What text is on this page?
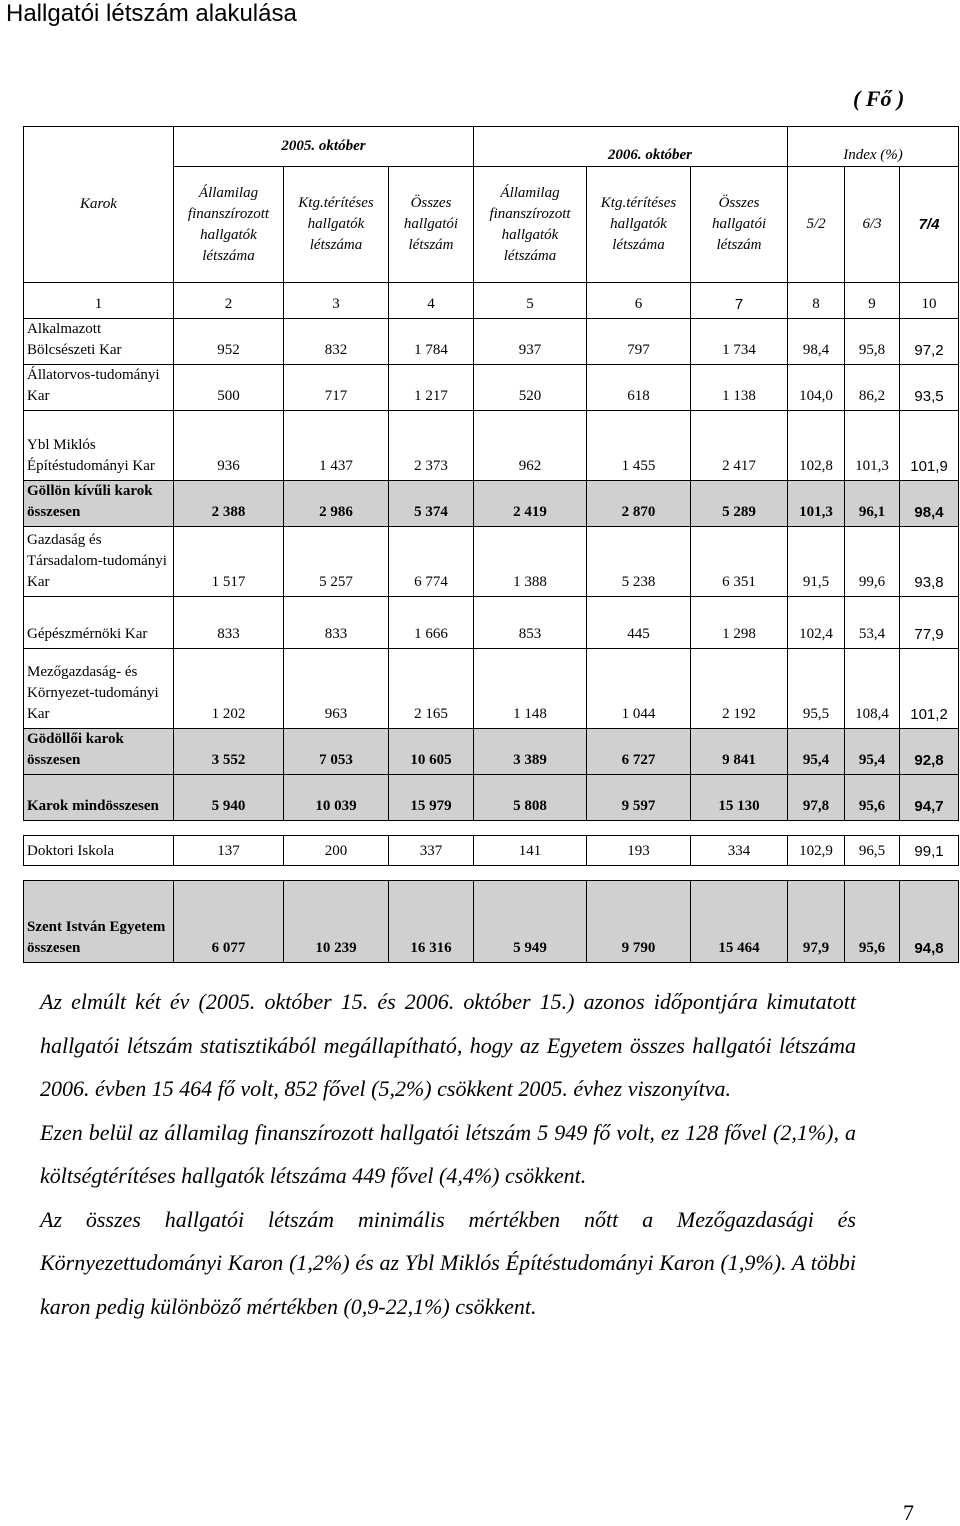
Hallgatói létszám alakulása
( Fő )
Karok	2005. október			2006. október			Index (%)		
	Államilag finanszírozott hallgatók létszáma	Ktg.térítéses hallgatók létszáma	Összes hallgatói létszám	Államilag finanszírozott hallgatók létszáma	Ktg.térítéses hallgatók létszáma	Összes hallgatói létszám	5/2	6/3	7/4
1	2	3	4	5	6	7	8	9	10
Alkalmazott Bölcsészeti Kar	952	832	1 784	937	797	1 734	98,4	95,8	97,2
Állatorvos-tudományi Kar	500	717	1 217	520	618	1 138	104,0	86,2	93,5
Ybl Miklós Építéstudományi Kar	936	1 437	2 373	962	1 455	2 417	102,8	101,3	101,9
Göllön kívűli karok összesen	2 388	2 986	5 374	2 419	2 870	5 289	101,3	96,1	98,4
Gazdaság és Társadalom-tudományi Kar	1 517	5 257	6 774	1 388	5 238	6 351	91,5	99,6	93,8
Gépészmérnöki Kar	833	833	1 666	853	445	1 298	102,4	53,4	77,9
Mezőgazdaság- és Környezet-tudományi Kar	1 202	963	2 165	1 148	1 044	2 192	95,5	108,4	101,2
Gödöllői karok összesen	3 552	7 053	10 605	3 389	6 727	9 841	95,4	95,4	92,8
Karok mindösszesen	5 940	10 039	15 979	5 808	9 597	15 130	97,8	95,6	94,7

Doktori Iskola	137	200	337	141	193	334	102,9	96,5	99,1

Szent István Egyetem összesen	6 077	10 239	16 316	5 949	9 790	15 464	97,9	95,6	94,8

Az elmúlt két év (2005. október 15. és 2006. október 15.) azonos időpontjára kimutatott hallgatói létszám statisztikából megállapítható, hogy az Egyetem összes hallgatói létszáma 2006. évben 15 464 fő volt, 852 fővel (5,2%) csökkent 2005. évhez viszonyítva.

Ezen belül az államilag finanszírozott hallgatói létszám 5 949 fő volt, ez 128 fővel (2,1%), a költségtérítéses hallgatók létszáma 449 fővel (4,4%) csökkent.

Az összes hallgatói létszám minimális mértékben nőtt a Mezőgazdasági és Környezettudományi Karon (1,2%) és az Ybl Miklós Építéstudományi Karon (1,9%). A többi karon pedig különböző mértékben (0,9-22,1%) csökkent.

7
